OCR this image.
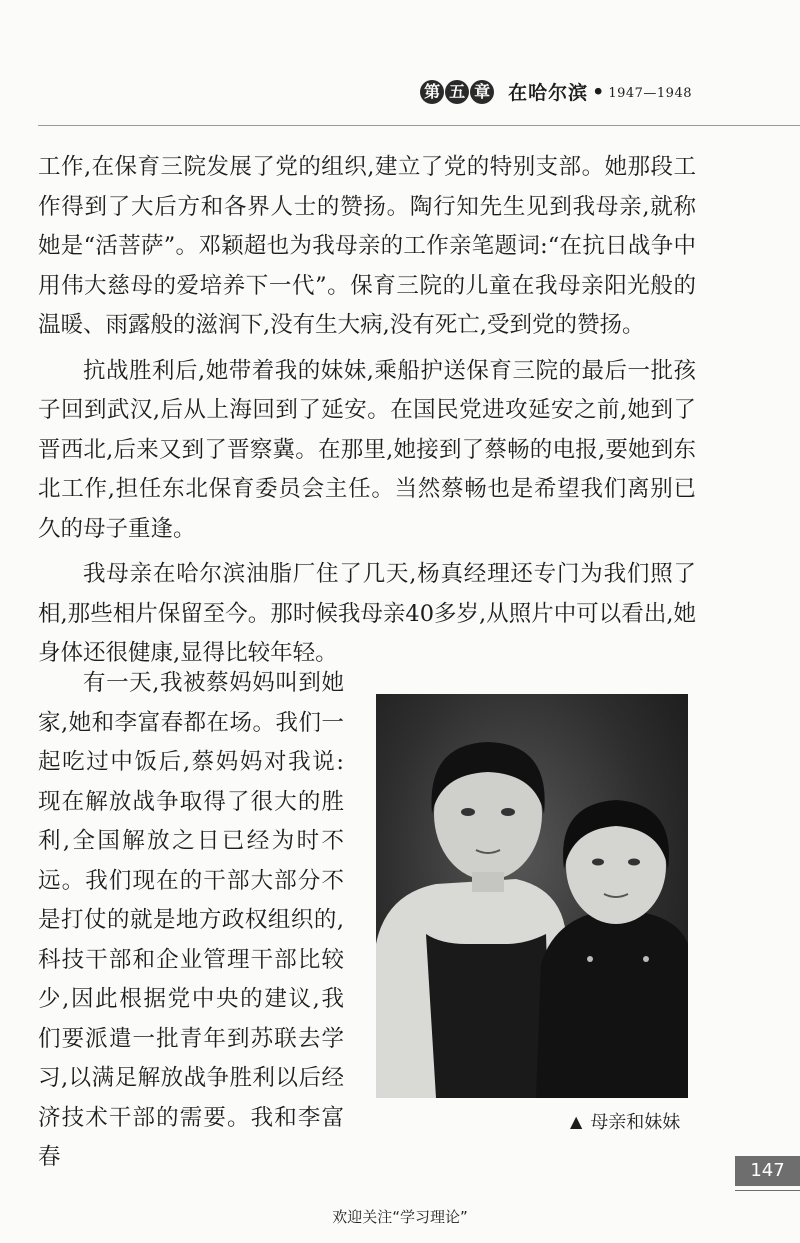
第 五 章 在哈尔滨 • 1947—1948

工作,在保育三院发展了党的组织,建立了党的特别支部。她那段工作得到了大后方和各界人士的赞扬。陶行知先生见到我母亲,就称她是“活菩萨”。邓颖超也为我母亲的工作亲笔题词:“在抗日战争中用伟大慈母的爱培养下一代”。保育三院的儿童在我母亲阳光般的温暖、雨露般的滋润下,没有生大病,没有死亡,受到党的赞扬。

抗战胜利后,她带着我的妹妹,乘船护送保育三院的最后一批孩子回到武汉,后从上海回到了延安。在国民党进攻延安之前,她到了晋西北,后来又到了晋察冀。在那里,她接到了蔡畅的电报,要她到东北工作,担任东北保育委员会主任。当然蔡畅也是希望我们离别已久的母子重逢。

我母亲在哈尔滨油脂厂住了几天,杨真经理还专门为我们照了相,那些相片保留至今。那时候我母亲40多岁,从照片中可以看出,她身体还很健康,显得比较年轻。

有一天,我被蔡妈妈叫到她家,她和李富春都在场。我们一起吃过中饭后,蔡妈妈对我说:现在解放战争取得了很大的胜利,全国解放之日已经为时不远。我们现在的干部大部分不是打仗的就是地方政权组织的,科技干部和企业管理干部比较少,因此根据党中央的建议,我们要派遣一批青年到苏联去学习,以满足解放战争胜利以后经济技术干部的需要。我和李富春

▲ 母亲和妹妹
147
欢迎关注“学习理论”
